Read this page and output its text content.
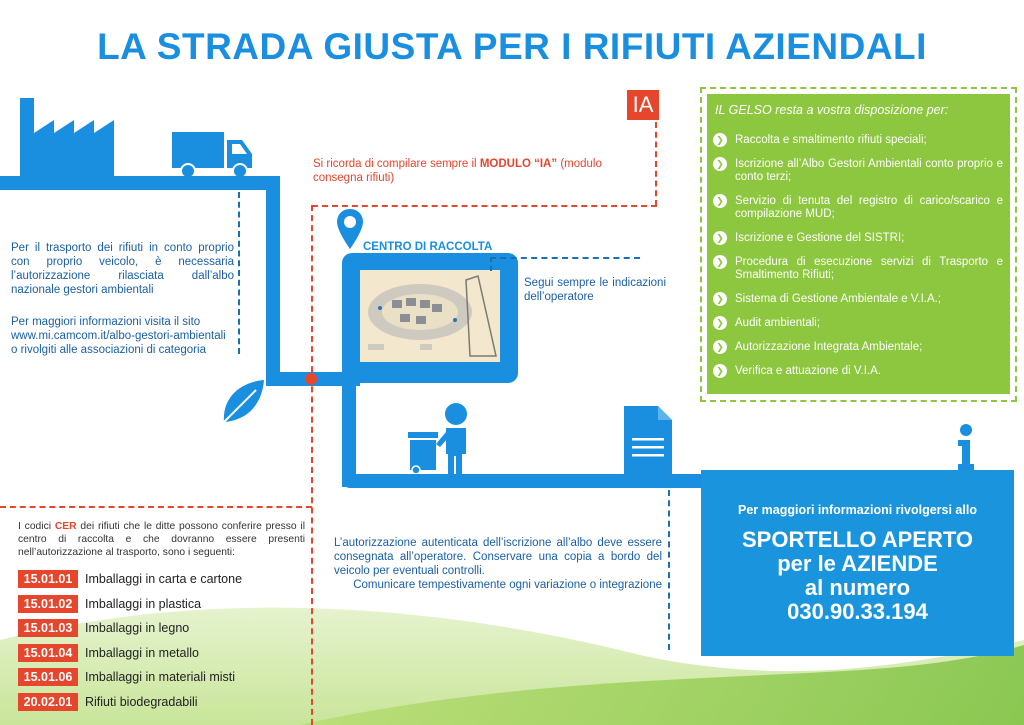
LA STRADA GIUSTA PER I RIFIUTI AZIENDALI
CENTRO DI RACCOLTA
IA
Si ricorda di compilare sempre il MODULO “IA” (modulo consegna rifiuti)
Per il trasporto dei rifiuti in conto proprio con proprio veicolo, è necessaria l’autorizzazione rilasciata dall’albo nazionale gestori ambientali
Per maggiori informazioni visita il sito www.mi.camcom.it/albo-gestori-ambientali o rivolgiti alle associazioni di categoria
Segui sempre le indicazioni dell’operatore
IL GELSO resta a vostra disposizione per:
❯ Raccolta e smaltimento rifiuti speciali;
❯ Iscrizione all’Albo Gestori Ambientali conto proprio e conto terzi;
❯ Servizio di tenuta del registro di carico/scarico e compilazione MUD;
❯ Iscrizione e Gestione del SISTRI;
❯ Procedura di esecuzione servizi di Trasporto e Smaltimento Rifiuti;
❯ Sistema di Gestione Ambientale e V.I.A.;
❯ Audit ambientali;
❯ Autorizzazione Integrata Ambientale;
❯ Verifica e attuazione di V.I.A.
L’autorizzazione autenticata dell’iscrizione all’albo deve essere consegnata all’operatore. Conservare una copia a bordo del veicolo per eventuali controlli.
Comunicare tempestivamente ogni variazione o integrazione
I codici CER dei rifiuti che le ditte possono conferire presso il centro di raccolta e che dovranno essere presenti nell’autorizzazione al trasporto, sono i seguenti:
15.01.01 Imballaggi in carta e cartone
15.01.02 Imballaggi in plastica
15.01.03 Imballaggi in legno
15.01.04 Imballaggi in metallo
15.01.06 Imballaggi in materiali misti
20.02.01 Rifiuti biodegradabili
Per maggiori informazioni rivolgersi allo
SPORTELLO APERTO
per le AZIENDE
al numero
030.90.33.194
